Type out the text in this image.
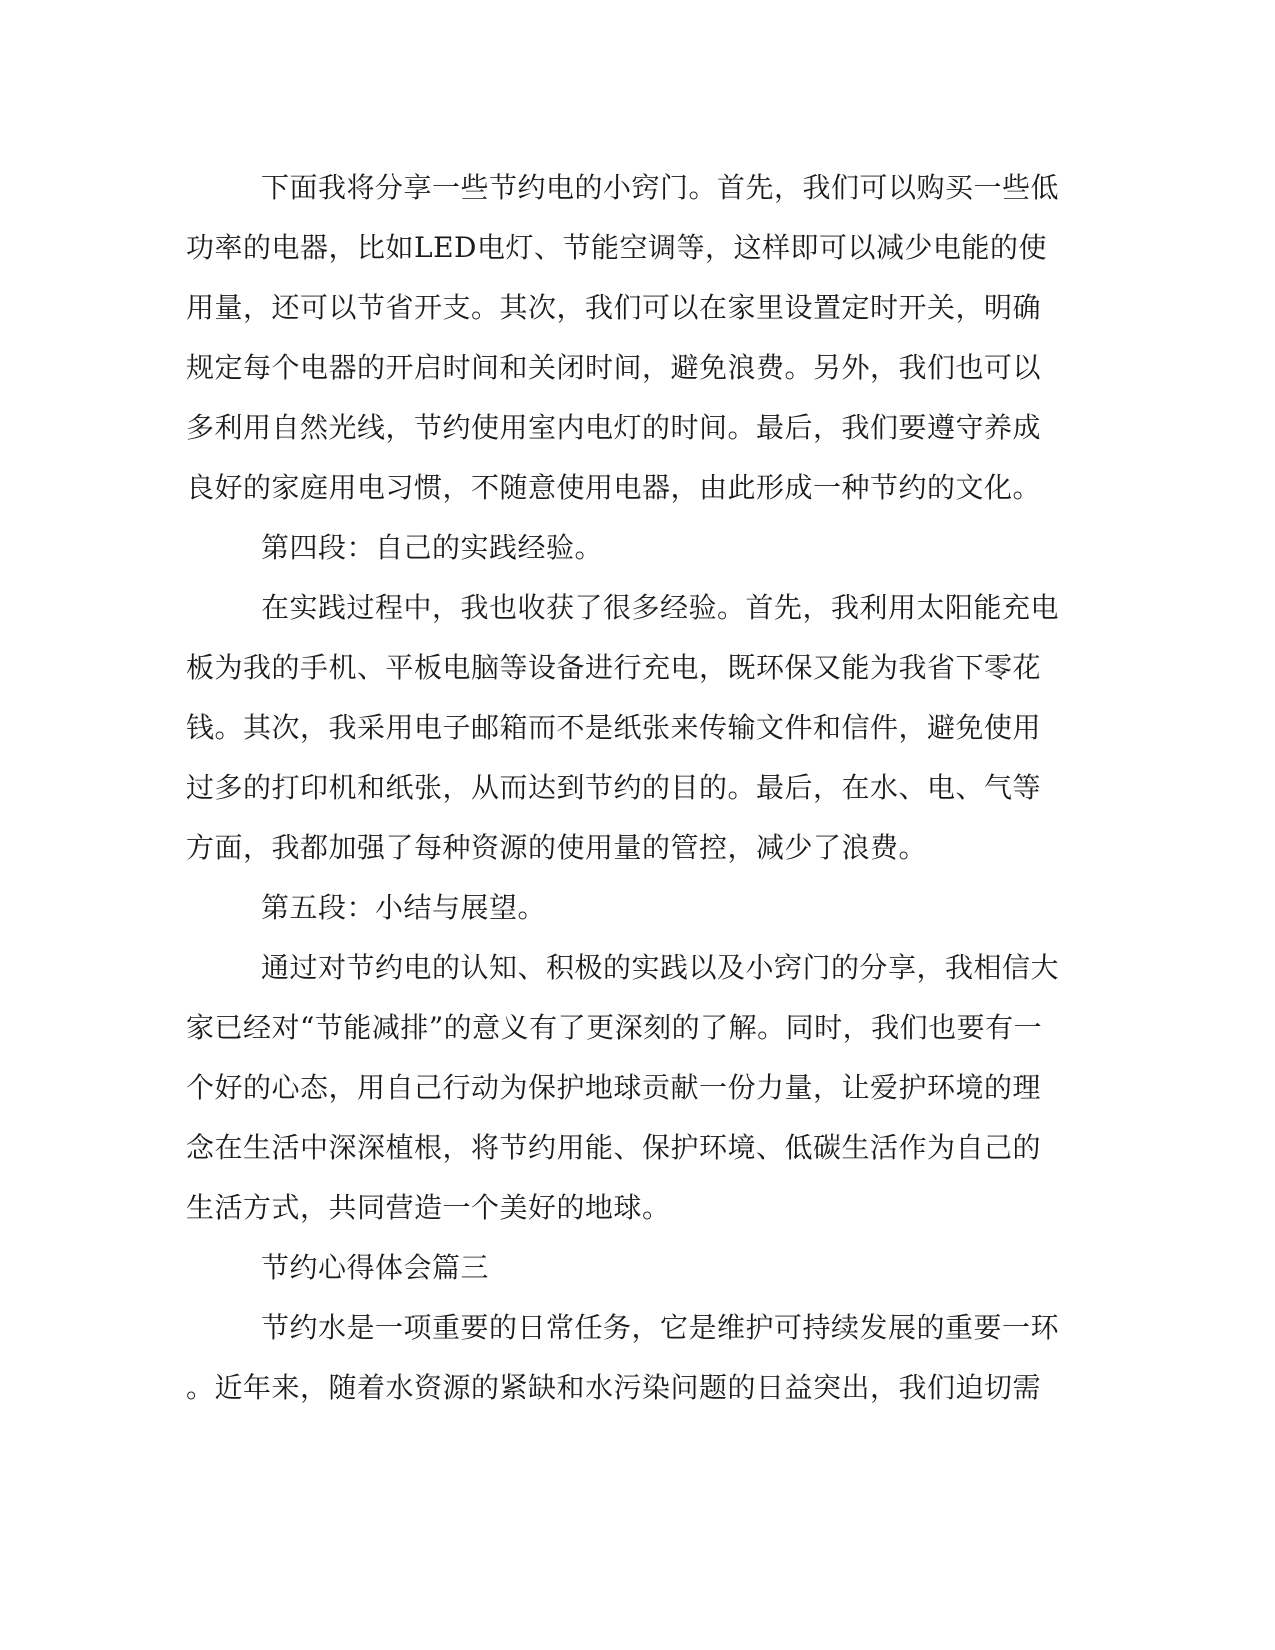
下面我将分享一些节约电的小窍门。首先，我们可以购买一些低
功率的电器，比如LED电灯、节能空调等，这样即可以减少电能的使
用量，还可以节省开支。其次，我们可以在家里设置定时开关，明确
规定每个电器的开启时间和关闭时间，避免浪费。另外，我们也可以
多利用自然光线，节约使用室内电灯的时间。最后，我们要遵守养成
良好的家庭用电习惯，不随意使用电器，由此形成一种节约的文化。
第四段：自己的实践经验。
在实践过程中，我也收获了很多经验。首先，我利用太阳能充电
板为我的手机、平板电脑等设备进行充电，既环保又能为我省下零花
钱。其次，我采用电子邮箱而不是纸张来传输文件和信件，避免使用
过多的打印机和纸张，从而达到节约的目的。最后，在水、电、气等
方面，我都加强了每种资源的使用量的管控，减少了浪费。
第五段：小结与展望。
通过对节约电的认知、积极的实践以及小窍门的分享，我相信大
家已经对“节能减排”的意义有了更深刻的了解。同时，我们也要有一
个好的心态，用自己行动为保护地球贡献一份力量，让爱护环境的理
念在生活中深深植根，将节约用能、保护环境、低碳生活作为自己的
生活方式，共同营造一个美好的地球。
节约心得体会篇三
节约水是一项重要的日常任务，它是维护可持续发展的重要一环
。近年来，随着水资源的紧缺和水污染问题的日益突出，我们迫切需
